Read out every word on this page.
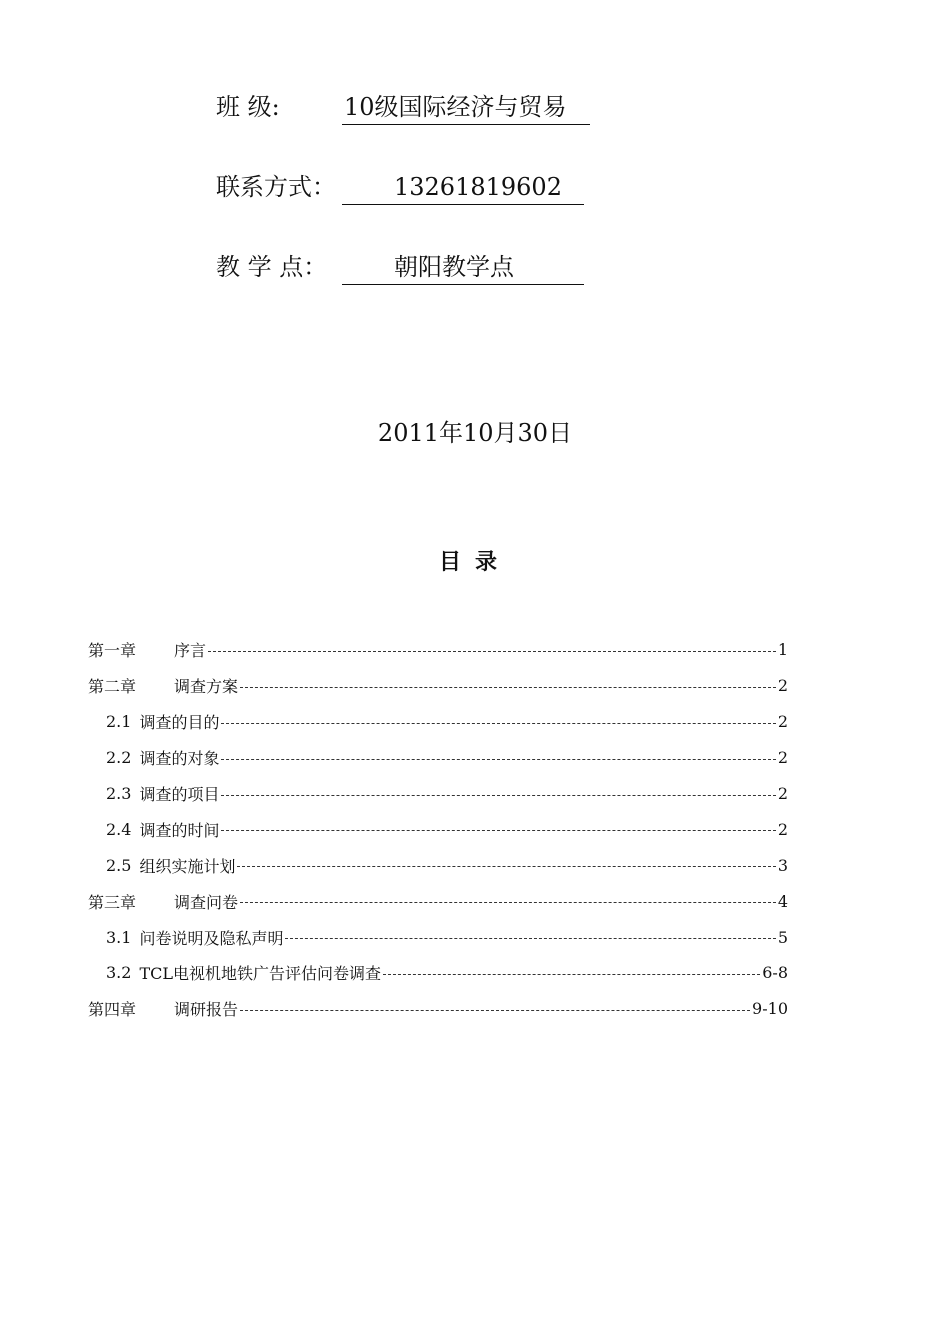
班 级:	10级国际经济与贸易
联系方式： 13261819602
教 学 点：	朝阳教学点
2011年10月30日
目录
第一章	序言	1
第二章	调查方案	2
2.1 调查的目的	2
2.2 调查的对象	2
2.3 调查的项目	2
2.4 调查的时间	2
2.5 组织实施计划	3
第三章	调查问卷	4
3.1 问卷说明及隐私声明	5
3.2 TCL电视机地铁广告评估问卷调查	6-8
第四章	调研报告	9-10
